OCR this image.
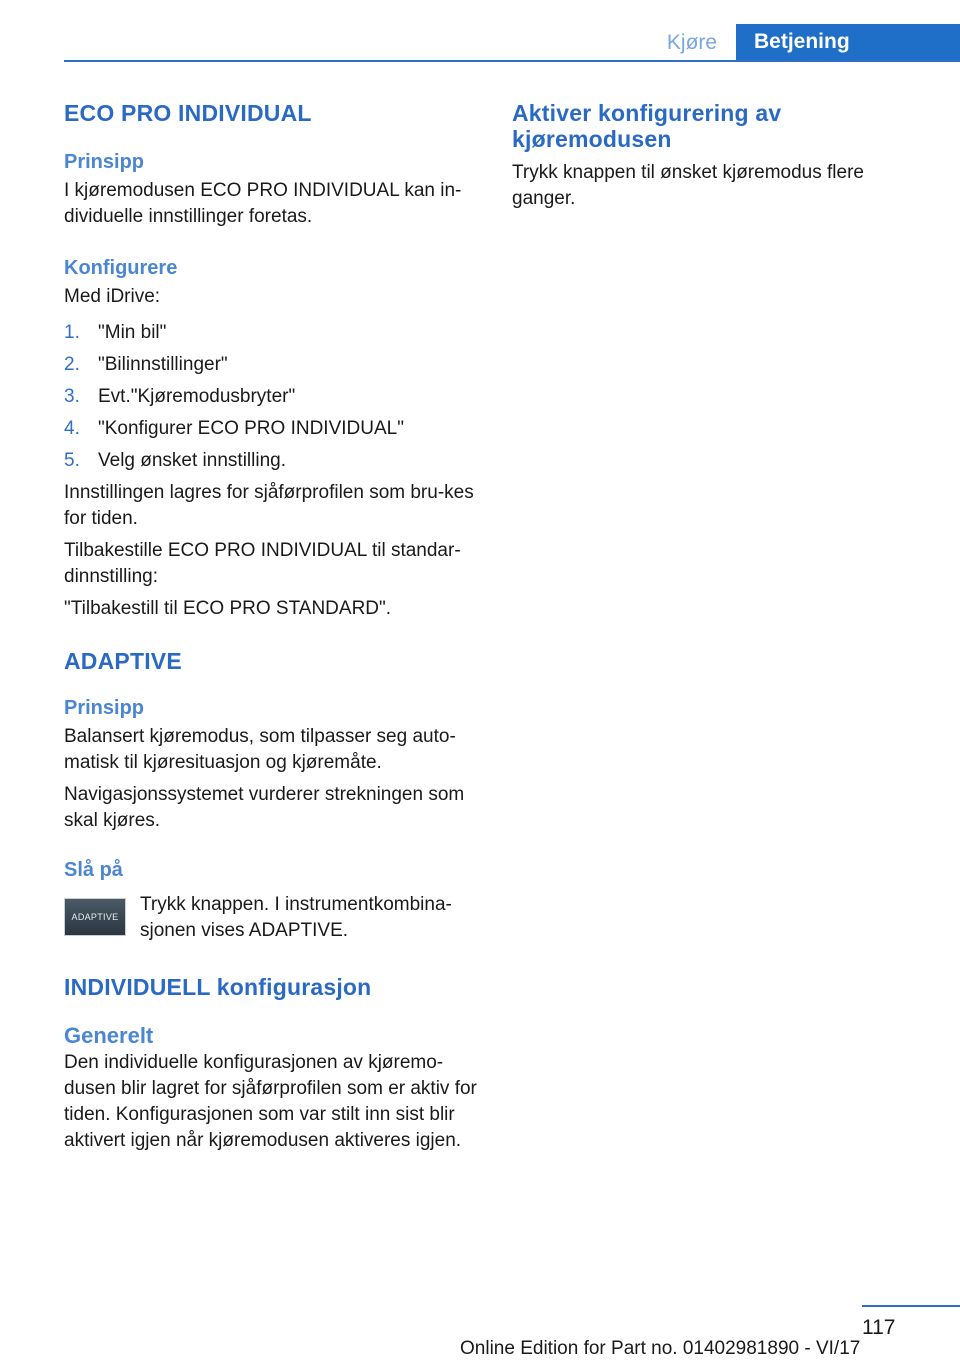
Kjøre	Betjening
ECO PRO INDIVIDUAL
Prinsipp

I kjøremodusen ECO PRO INDIVIDUAL kan in-dividuelle innstillinger foretas.

Konfigurere

Med iDrive:

1. "Min bil"
2. "Bilinnstillinger"
3. Evt."Kjøremodusbryter"
4. "Konfigurer ECO PRO INDIVIDUAL"
5. Velg ønsket innstilling.

Innstillingen lagres for sjåførprofilen som bru-kes for tiden.

Tilbakestille ECO PRO INDIVIDUAL til standar-dinnstilling:

"Tilbakestill til ECO PRO STANDARD".

ADAPTIVE
Prinsipp

Balansert kjøremodus, som tilpasser seg auto-matisk til kjøresituasjon og kjøremåte.

Navigasjonssystemet vurderer strekningen som skal kjøres.

Slå på
ADAPTIVE

Trykk knappen. I instrumentkombina-sjonen vises ADAPTIVE.

INDIVIDUELL konfigurasjon
Generelt

Den individuelle konfigurasjonen av kjøremo-dusen blir lagret for sjåførprofilen som er aktiv for tiden. Konfigurasjonen som var stilt inn sist blir aktivert igjen når kjøremodusen aktiveres igjen.

Aktiver konfigurering av kjøremodusen

Trykk knappen til ønsket kjøremodus flere ganger.

117
Online Edition for Part no. 01402981890 - VI/17
